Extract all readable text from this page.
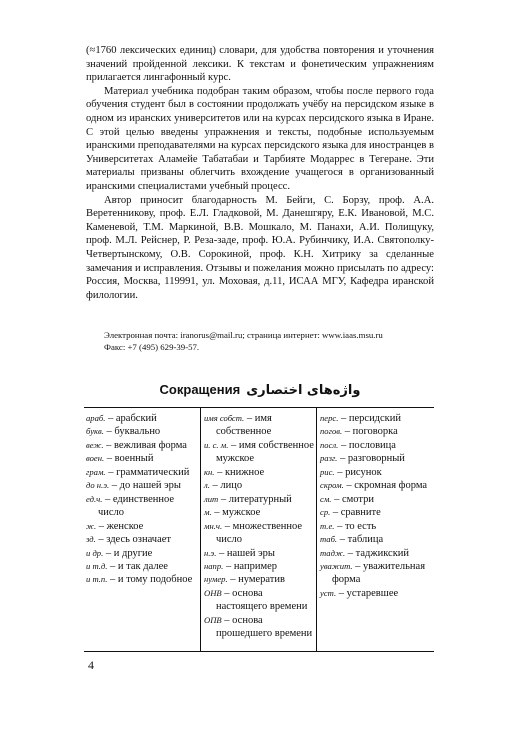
(≈1760 лексических единиц) словари, для удобства повторения и уточнения значений пройденной лексики. К текстам и фонетическим упражнениям прилагается лингафонный курс.

Материал учебника подобран таким образом, чтобы после первого года обучения студент был в состоянии продолжать учёбу на персидском языке в одном из иранских университетов или на курсах персидского языка в Иране. С этой целью введены упражнения и тексты, подобные используемым иранскими преподавателями на курсах персидского языка для иностранцев в Университетах Аламейе Табатабаи и Тарбияте Модаррес в Тегеране. Эти материалы призваны облегчить вхождение учащегося в организованный иранскими специалистами учебный процесс.

Автор приносит благодарность М. Бейги, С. Борзу, проф. А.А. Веретенникову, проф. Е.Л. Гладковой, М. Данешгяру, Е.К. Ивановой, М.С. Каменевой, Т.М. Маркиной, В.В. Мошкало, М. Панахи, А.И. Полищуку, проф. М.Л. Рейснер, Р. Реза-заде, проф. Ю.А. Рубинчику, И.А. Святополку-Четвертынскому, О.В. Сорокиной, проф. К.Н. Хитрику за сделанные замечания и исправления. Отзывы и пожелания можно присылать по адресу: Россия, Москва, 119991, ул. Моховая, д.11, ИСАА МГУ, Кафедра иранской филологии.

Электронная почта: iranorus@mail.ru; страница интернет: www.iaas.msu.ru

Факс: +7 (495) 629-39-57.

Сокращения واژه‌های اختصاری
араб. – арабский
букв. – буквально
веж. – вежливая форма
воен. – военный
грам. – грамматический
до н.э. – до нашей эры
ед.ч. – единственное число
ж. – женское
зд. – здесь означает
и др. – и другие
и т.д. – и так далее
и т.п. – и тому подобное
имя собст. – имя собственное
и. с. м. – имя собственное мужское
кн. – книжное
л. – лицо
лит – литературный
м. – мужское
мн.ч. – множественное число
н.э. – нашей эры
напр. – например
нумер. – нумератив
ОНВ – основа настоящего времени
ОПВ – основа прошедшего времени
перс. – персидский
погов. – поговорка
посл. – пословица
разг. – разговорный
рис. – рисунок
скром. – скромная форма
см. – смотри
ср. – сравните
т.е. – то есть
таб. – таблица
тадж. – таджикский
уважит. – уважительная форма
уст. – устаревшее
4
